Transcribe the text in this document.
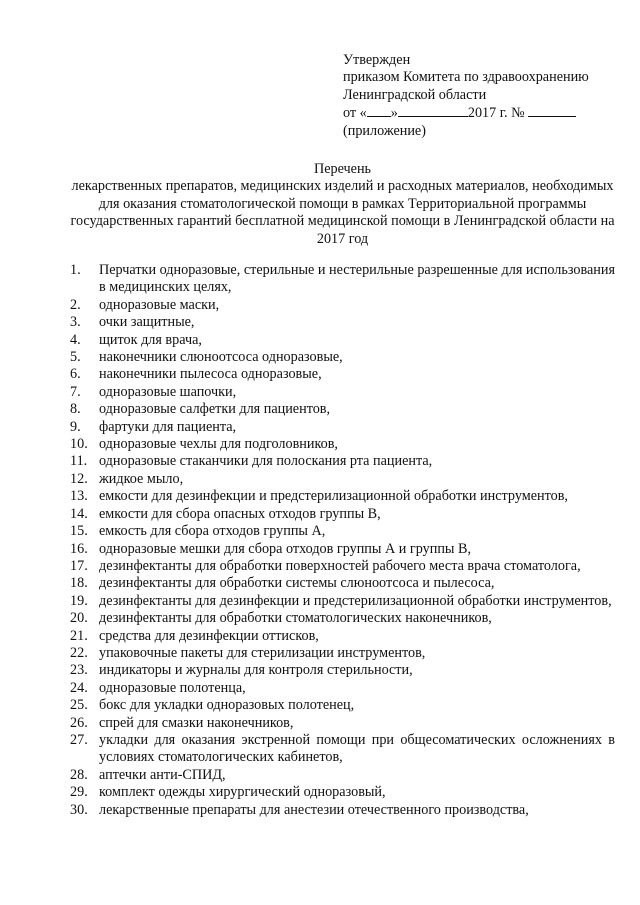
Утвержден
приказом Комитета по здравоохранению
Ленинградской области
от « »	2017 г. №
(приложение)
Перечень
лекарственных препаратов, медицинских изделий и расходных материалов, необходимых для оказания стоматологической помощи в рамках Территориальной программы государственных гарантий бесплатной медицинской помощи в Ленинградской области на 2017 год
1.	Перчатки одноразовые, стерильные и нестерильные разрешенные для использования в медицинских целях,
2.	одноразовые маски,
3.	очки защитные,
4.	щиток для врача,
5.	наконечники слюноотсоса одноразовые,
6.	наконечники пылесоса одноразовые,
7.	одноразовые шапочки,
8.	одноразовые салфетки для пациентов,
9.	фартуки для пациента,
10. одноразовые чехлы для подголовников,
11. одноразовые стаканчики для полоскания рта пациента,
12. жидкое мыло,
13. емкости для дезинфекции и предстерилизационной обработки инструментов,
14. емкости для сбора опасных отходов группы В,
15. емкость для сбора отходов группы А,
16. одноразовые мешки для сбора отходов группы А и группы В,
17. дезинфектанты для обработки поверхностей рабочего места врача стоматолога,
18. дезинфектанты для обработки системы слюноотсоса и пылесоса,
19. дезинфектанты для дезинфекции и предстерилизационной обработки инструментов,
20. дезинфектанты для обработки стоматологических наконечников,
21. средства для дезинфекции оттисков,
22. упаковочные пакеты для стерилизации инструментов,
23. индикаторы и журналы для контроля стерильности,
24. одноразовые полотенца,
25. бокс для укладки одноразовых полотенец,
26. спрей для смазки наконечников,
27. укладки для оказания экстренной помощи при общесоматических осложнениях в условиях стоматологических кабинетов,
28. аптечки анти-СПИД,
29. комплект одежды хирургический одноразовый,
30. лекарственные препараты для анестезии отечественного производства,
